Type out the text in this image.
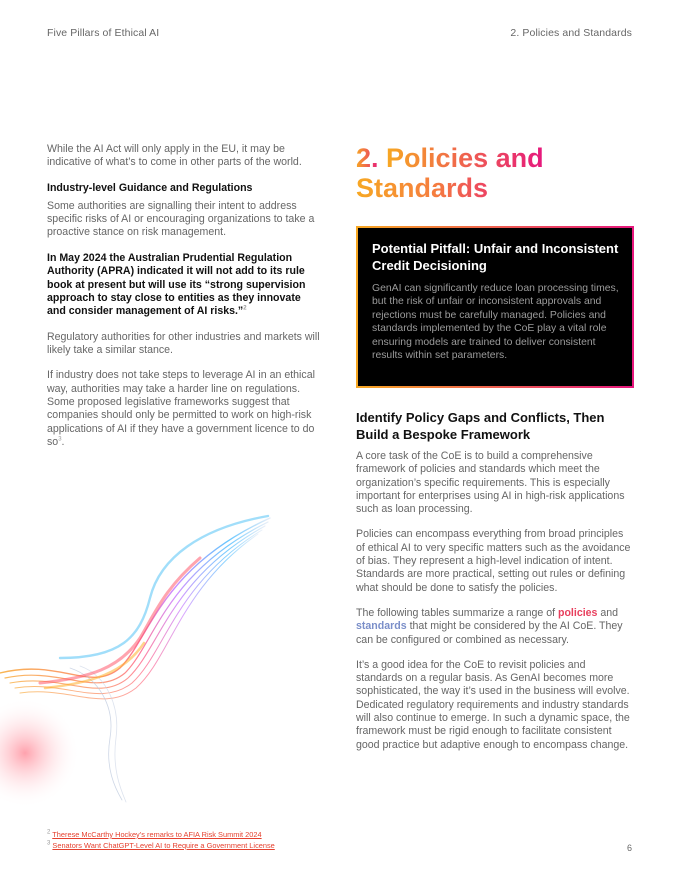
Five Pillars of Ethical AI	2. Policies and Standards

While the AI Act will only apply in the EU, it may be indicative of what’s to come in other parts of the world.

Industry-level Guidance and Regulations

Some authorities are signalling their intent to address specific risks of AI or encouraging organizations to take a proactive stance on risk management.

In May 2024 the Australian Prudential Regulation Authority (APRA) indicated it will not add to its rule book at present but will use its “strong supervision approach to stay close to entities as they innovate and consider management of AI risks.”$^2$

Regulatory authorities for other industries and markets will likely take a similar stance.

If industry does not take steps to leverage AI in an ethical way, authorities may take a harder line on regulations. Some proposed legislative frameworks suggest that companies should only be permitted to work on high-risk applications of AI if they have a government licence to do $so^3$.

2. Policies and
Standards
Potential Pitfall: Unfair and Inconsistent Credit Decisioning

GenAI can significantly reduce loan processing times, but the risk of unfair or inconsistent approvals and rejections must be carefully managed. Policies and standards implemented by the CoE play a vital role ensuring models are trained to deliver consistent results within set parameters.

Identify Policy Gaps and Conflicts, Then Build a Bespoke Framework

A core task of the CoE is to build a comprehensive framework of policies and standards which meet the organization’s specific requirements. This is especially important for enterprises using AI in high-risk applications such as loan processing.

Policies can encompass everything from broad principles of ethical AI to very specific matters such as the avoidance of bias. They represent a high-level indication of intent. Standards are more practical, setting out rules or defining what should be done to satisfy the policies.

The following tables summarize a range of policies and standards that might be considered by the AI CoE. They can be configured or combined as necessary.

It’s a good idea for the CoE to revisit policies and standards on a regular basis. As GenAI becomes more sophisticated, the way it’s used in the business will evolve. Dedicated regulatory requirements and industry standards will also continue to emerge. In such a dynamic space, the framework must be rigid enough to facilitate consistent good practice but adaptive enough to encompass change.

$^2$ Therese McCarthy Hockey’s remarks to AFIA Risk Summit 2024
$^3$ Senators Want ChatGPT-Level AI to Require a Government License	6
